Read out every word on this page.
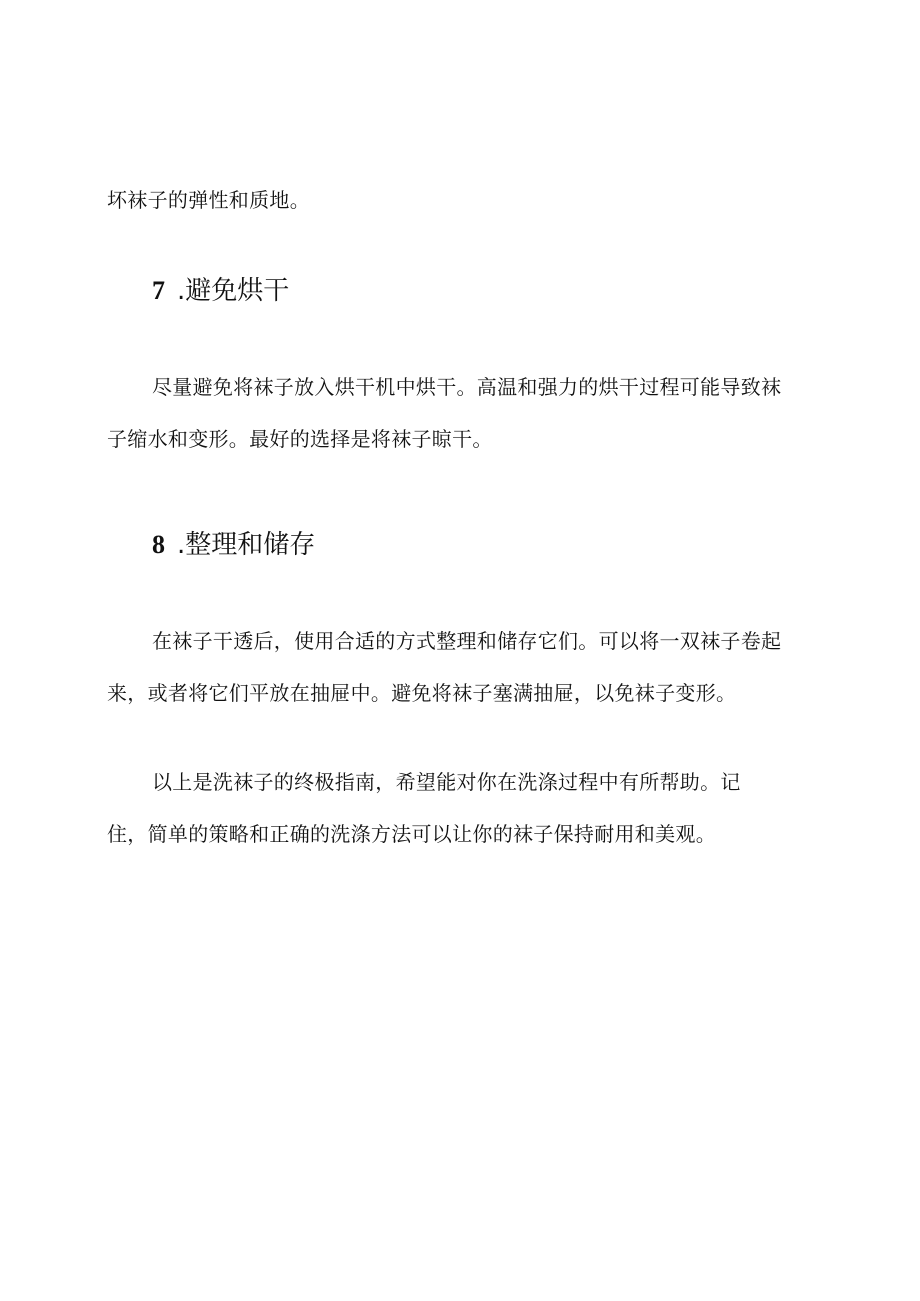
坏袜子的弹性和质地。
7 .避免烘干
尽量避免将袜子放入烘干机中烘干。高温和强力的烘干过程可能导致袜
子缩水和变形。最好的选择是将袜子晾干。
8 .整理和储存
在袜子干透后，使用合适的方式整理和储存它们。可以将一双袜子卷起
来，或者将它们平放在抽屉中。避免将袜子塞满抽屉，以免袜子变形。
以上是洗袜子的终极指南，希望能对你在洗涤过程中有所帮助。记
住，简单的策略和正确的洗涤方法可以让你的袜子保持耐用和美观。
